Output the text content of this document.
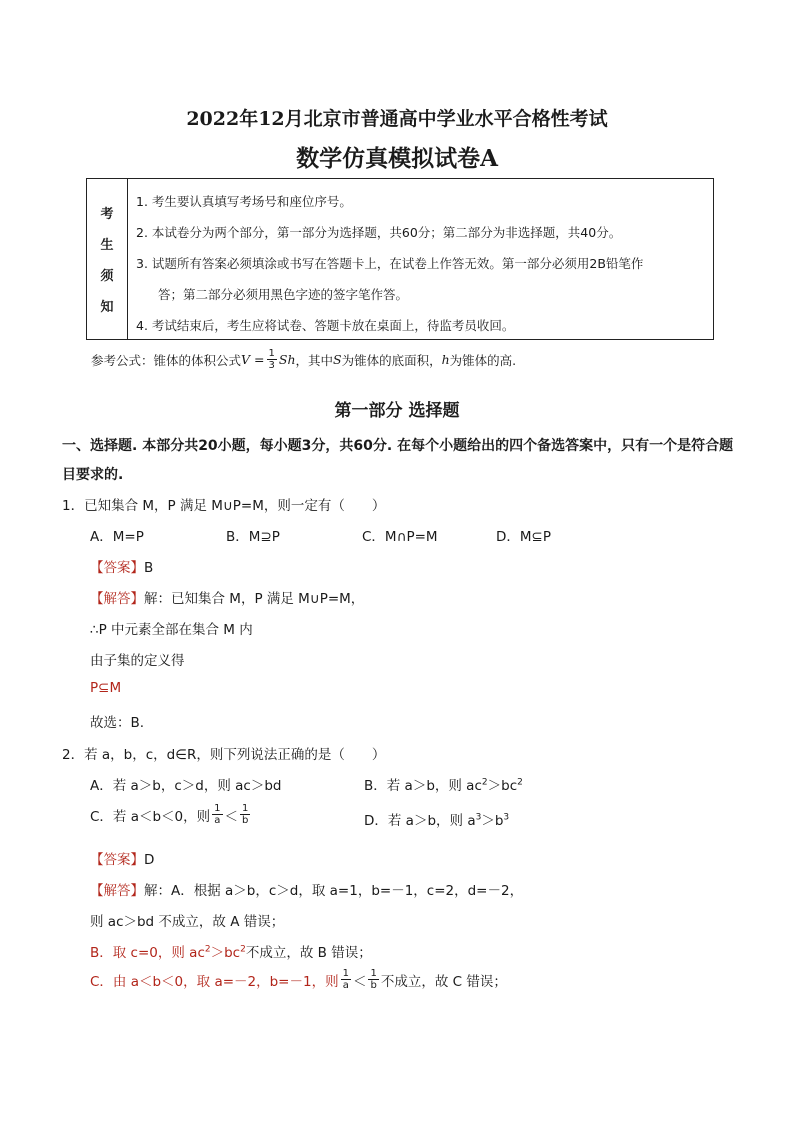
2022年12月北京市普通高中学业水平合格性考试
数学仿真模拟试卷A
考
生
须
知
1. 考生要认真填写考场号和座位序号。
2. 本试卷分为两个部分，第一部分为选择题，共60分；第二部分为非选择题，共40分。
3. 试题所有答案必须填涂或书写在答题卡上，在试卷上作答无效。第一部分必须用2B铅笔作
答；第二部分必须用黑色字迹的签字笔作答。
4. 考试结束后，考生应将试卷、答题卡放在桌面上，待监考员收回。
参考公式：锥体的体积公式 $V = \frac{1}{3}$ Sh ，其中 S 为锥体的底面积， h 为锥体的高.
第一部分 选择题
一、选择题. 本部分共20小题，每小题3分，共60分. 在每个小题给出的四个备选答案中，只有一个是符合题目要求的.
1．已知集合 M，P 满足 M∪P=M，则一定有（　　）
A．M=P	B．M⊇P	C．M∩P=M	D．M⊆P
【答案】B
【解答】解：已知集合 M，P 满足 M∪P=M，
∴P 中元素全部在集合 M 内
由子集的定义得
P⊆M
故选：B.
2．若 a，b，c，d∈R，则下列说法正确的是（　　）
A．若 a＞b，c＞d，则 ac＞bd	B．若 a＞b，则 $ac^2>bc^2$
C．若 a＜b＜0，则 $\frac{1}{a} < \frac{1}{b}$	D．若 a＞b，则 $a^3>b^3$
【答案】D
【解答】解：A．根据 a＞b，c＞d，取 a=1，b=－1，c=2，d=－2，
则 ac＞bd 不成立，故 A 错误；
B．取 c=0，则 $ac^2>bc^2$不成立，故 B 错误；
C．由 a＜b＜0，取 a=－2，b=－1，则 $\frac{1}{a} < \frac{1}{b}$ 不成立，故 C 错误；
